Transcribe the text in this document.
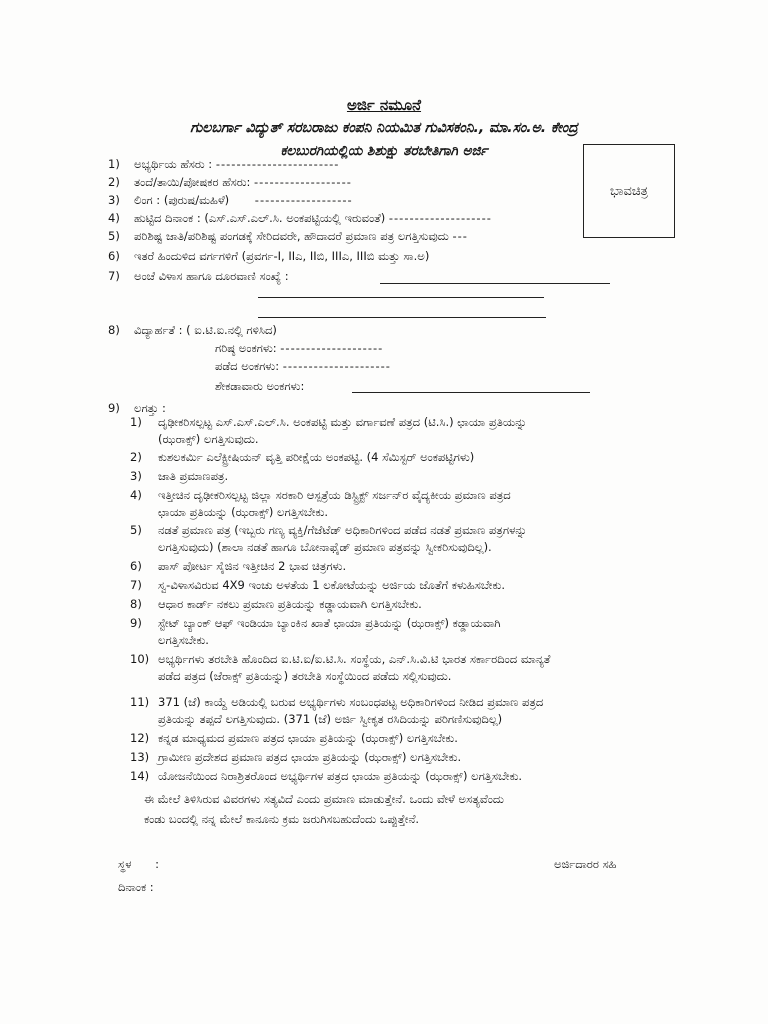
ಅರ್ಜಿ ನಮೂನೆ
ಗುಲಬರ್ಗಾ ವಿದ್ಯುತ್ ಸರಬರಾಜು ಕಂಪನಿ ನಿಯಮಿತ ಗುವಿಸಕಂನಿ., ಮಾ.ಸಂ.ಅ. ಕೇಂದ್ರ
ಕಲಬುರಗಿಯಲ್ಲಿಯ ಶಿಶುಕ್ಷು ತರಬೇತಿಗಾಗಿ ಅರ್ಜಿ
ಭಾವಚಿತ್ರ
1) ಅಭ್ಯರ್ಥಿಯ ಹೆಸರು : ------------------------
2) ತಂದೆ/ತಾಯಿ/ಪೋಷಕರ ಹೆಸರು: -------------------
3) ಲಿಂಗ : (ಪುರುಷ/ಮಹಿಳೆ) -------------------
4) ಹುಟ್ಟಿದ ದಿನಾಂಕ : (ಎಸ್.ಎಸ್.ಎಲ್.ಸಿ. ಅಂಕಪಟ್ಟಿಯಲ್ಲಿ ಇರುವಂತೆ) --------------------
5) ಪರಿಶಿಷ್ಟ ಜಾತಿ/ಪರಿಶಿಷ್ಟ ಪಂಗಡಕ್ಕೆ ಸೇರಿದವರೇ, ಹೌದಾದರೆ ಪ್ರಮಾಣ ಪತ್ರ ಲಗತ್ತಿಸುವುದು ---
6) ಇತರೆ ಹಿಂದುಳಿದ ವರ್ಗಗಳಿಗೆ (ಪ್ರವರ್ಗ-I, IIಎ, IIಬಿ, IIIಎ, IIIಬಿ ಮತ್ತು ಸಾ.ಅ)
7) ಅಂಚೆ ವಿಳಾಸ ಹಾಗೂ ದೂರವಾಣಿ ಸಂಖ್ಯೆ :
8) ವಿದ್ಯಾರ್ಹತೆ : ( ಐ.ಟಿ.ಐ.ನಲ್ಲಿ ಗಳಿಸಿದ)
ಗರಿಷ್ಠ ಅಂಕಗಳು: --------------------
ಪಡೆದ ಅಂಕಗಳು: ---------------------
ಶೇಕಡಾವಾರು ಅಂಕಗಳು:
9) ಲಗತ್ತು :
1)	ದೃಢೀಕರಿಸಲ್ಪಟ್ಟ ಎಸ್.ಎಸ್.ಎಲ್.ಸಿ. ಅಂಕಪಟ್ಟಿ ಮತ್ತು ವರ್ಗಾವಣೆ ಪತ್ರದ (ಟಿ.ಸಿ.) ಛಾಯಾ ಪ್ರತಿಯನ್ನು
(ಝರಾಕ್ಸ್) ಲಗತ್ತಿಸುವುದು.
2)	ಕುಶಲಕರ್ಮಿ ಎಲೆಕ್ಟ್ರೀಷಿಯನ್ ವೃತ್ತಿ ಪರೀಕ್ಷೆಯ ಅಂಕಪಟ್ಟಿ. (4 ಸೆಮಿಸ್ಟರ್ ಅಂಕಪಟ್ಟಿಗಳು)
3)	ಜಾತಿ ಪ್ರಮಾಣಪತ್ರ.
4)	ಇತ್ತೀಚಿನ ದೃಢೀಕರಿಸಲ್ಪಟ್ಟ ಜಿಲ್ಲಾ ಸರಕಾರಿ ಆಸ್ಪತ್ರೆಯ ಡಿಸ್ಟ್ರಿಕ್ಟ್ ಸರ್ಜನ್‌ರ ವೈದ್ಯಕೀಯ ಪ್ರಮಾಣ ಪತ್ರದ
ಛಾಯಾ ಪ್ರತಿಯನ್ನು (ಝರಾಕ್ಸ್) ಲಗತ್ತಿಸಬೇಕು.
5)	ನಡತೆ ಪ್ರಮಾಣ ಪತ್ರ (ಇಬ್ಬರು ಗಣ್ಯ ವ್ಯಕ್ತಿ/ಗೆಜೆಟೆಡ್ ಅಧಿಕಾರಿಗಳಿಂದ ಪಡೆದ ನಡತೆ ಪ್ರಮಾಣ ಪತ್ರಗಳನ್ನು
ಲಗತ್ತಿಸುವುದು) (ಶಾಲಾ ನಡತೆ ಹಾಗೂ ಬೋನಾಫೈಡ್ ಪ್ರಮಾಣ ಪತ್ರವನ್ನು ಸ್ವೀಕರಿಸುವುದಿಲ್ಲ).
6)	ಪಾಸ್ ಪೋರ್ಟ ಸೈಜಿನ ಇತ್ತೀಚಿನ 2 ಭಾವ ಚಿತ್ರಗಳು.
7)	ಸ್ವ-ವಿಳಾಸವಿರುವ 4X9 ಇಂಚು ಅಳತೆಯ 1 ಲಕೋಟೆಯನ್ನು ಅರ್ಜಿಯ ಜೊತೆಗೆ ಕಳುಹಿಸಬೇಕು.
8)	ಆಧಾರ ಕಾರ್ಡ್ ನಕಲು ಪ್ರಮಾಣ ಪ್ರತಿಯನ್ನು ಕಡ್ಡಾಯವಾಗಿ ಲಗತ್ತಿಸಬೇಕು.
9)	ಸ್ಟೇಟ್ ಬ್ಯಾಂಕ್ ಆಫ್ ಇಂಡಿಯಾ ಬ್ಯಾಂಕಿನ ಖಾತೆ ಛಾಯಾ ಪ್ರತಿಯನ್ನು (ಝರಾಕ್ಸ್) ಕಡ್ಡಾಯವಾಗಿ
ಲಗತ್ತಿಸಬೇಕು.
10) ಅಭ್ಯರ್ಥಿಗಳು ತರಬೇತಿ ಹೊಂದಿದ ಐ.ಟಿ.ಐ/ಐ.ಟಿ.ಸಿ. ಸಂಸ್ಥೆಯ, ಎನ್.ಸಿ.ವಿ.ಟಿ ಭಾರತ ಸರ್ಕಾರದಿಂದ ಮಾನ್ಯತೆ
ಪಡೆದ ಪತ್ರದ (ಜೆರಾಕ್ಸ್ ಪ್ರತಿಯನ್ನು) ತರಬೇತಿ ಸಂಸ್ಥೆಯಿಂದ ಪಡೆದು ಸಲ್ಲಿಸುವುದು.
11) 371 (ಜೆ) ಕಾಯ್ದೆ ಅಡಿಯಲ್ಲಿ ಬರುವ ಅಭ್ಯರ್ಥಿಗಳು ಸಂಬಂಧಪಟ್ಟ ಅಧಿಕಾರಿಗಳಿಂದ ನೀಡಿದ ಪ್ರಮಾಣ ಪತ್ರದ
ಪ್ರತಿಯನ್ನು ತಪ್ಪದೆ ಲಗತ್ತಿಸುವುದು. (371 (ಜೆ) ಅರ್ಜಿ ಸ್ವೀಕೃತ ರಸಿದಿಯನ್ನು ಪರಿಗಣಿಸುವುದಿಲ್ಲ)
12) ಕನ್ನಡ ಮಾಧ್ಯಮದ ಪ್ರಮಾಣ ಪತ್ರದ ಛಾಯಾ ಪ್ರತಿಯನ್ನು (ಝರಾಕ್ಸ್) ಲಗತ್ತಿಸಬೇಕು.
13) ಗ್ರಾಮೀಣ ಪ್ರದೇಶದ ಪ್ರಮಾಣ ಪತ್ರದ ಛಾಯಾ ಪ್ರತಿಯನ್ನು (ಝರಾಕ್ಸ್) ಲಗತ್ತಿಸಬೇಕು.
14) ಯೋಜನೆಯಿಂದ ನಿರಾಶ್ರಿತರೊಂದ ಅಭ್ಯರ್ಥಿಗಳ ಪತ್ರದ ಛಾಯಾ ಪ್ರತಿಯನ್ನು (ಝರಾಕ್ಸ್) ಲಗತ್ತಿಸಬೇಕು.
ಈ ಮೇಲೆ ತಿಳಿಸಿರುವ ವಿವರಗಳು ಸತ್ಯವಿದೆ ಎಂದು ಪ್ರಮಾಣ ಮಾಡುತ್ತೇನೆ. ಒಂದು ವೇಳೆ ಅಸತ್ಯವೆಂದು
ಕಂಡು ಬಂದಲ್ಲಿ ನನ್ನ ಮೇಲೆ ಕಾನೂನು ಕ್ರಮ ಜರುಗಿಸಬಹುದೆಂದು ಒಪ್ಪುತ್ತೇನೆ.
ಸ್ಥಳ :
ದಿನಾಂಕ :
ಅರ್ಜಿದಾರರ ಸಹಿ
